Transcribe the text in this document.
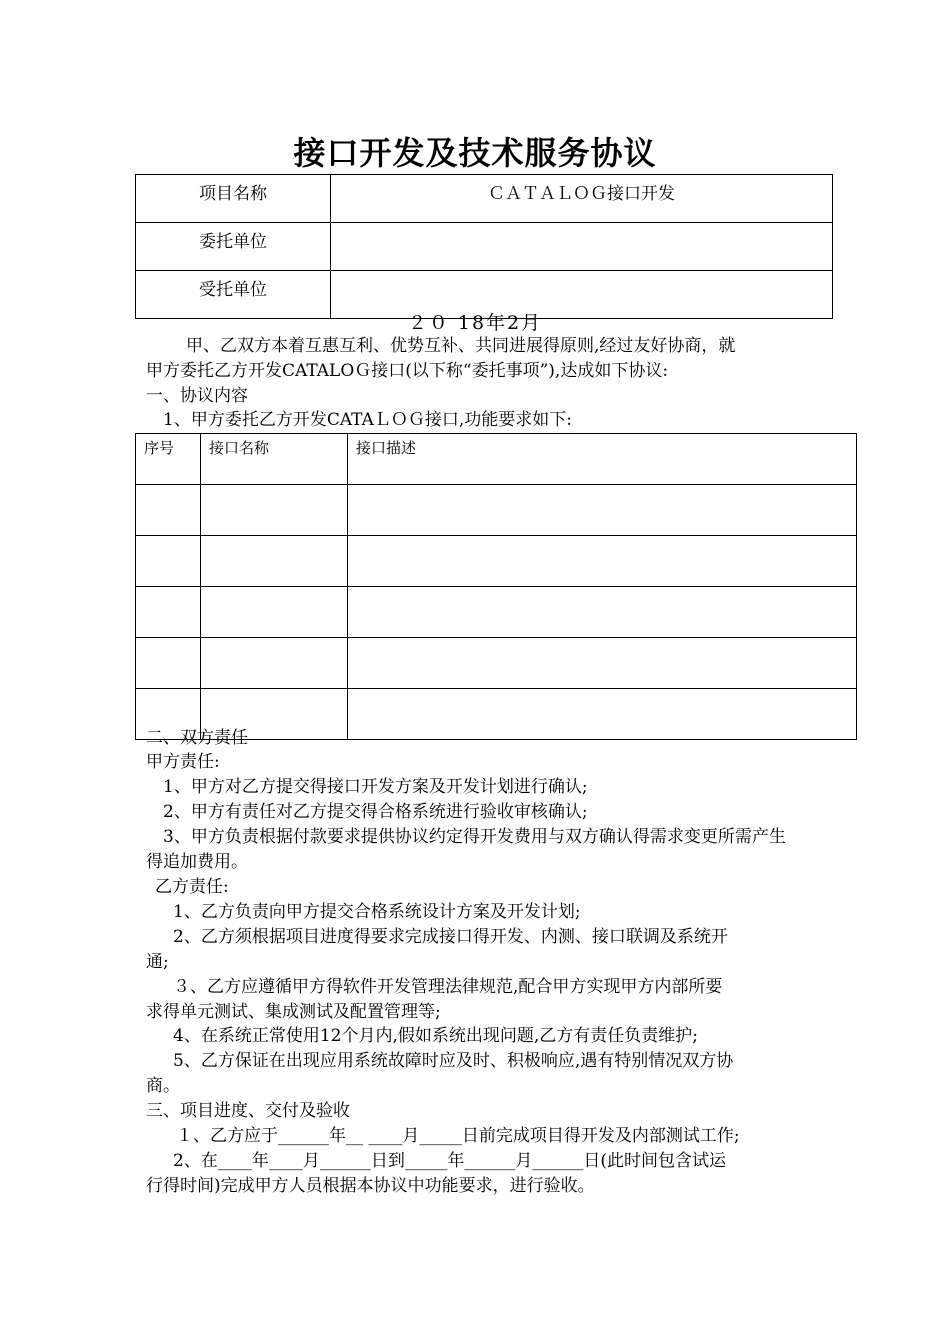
接口开发及技术服务协议
项目名称	ＣＡＴＡＬＯＧ接口开发
委托单位	
受托单位	
２０ 18年2月
甲、乙双方本着互惠互利、优势互补、共同进展得原则,经过友好协商，就
甲方委托乙方开发CATALOＧ接口(以下称“委托事项”),达成如下协议:
一、协议内容
1、甲方委托乙方开发CATAＬＯＧ接口,功能要求如下:
序号	接口名称	接口描述

二、双方责任
甲方责任:
1、甲方对乙方提交得接口开发方案及开发计划进行确认;
2、甲方有责任对乙方提交得合格系统进行验收审核确认;
3、甲方负责根据付款要求提供协议约定得开发费用与双方确认得需求变更所需产生
得追加费用。
乙方责任:
1、乙方负责向甲方提交合格系统设计方案及开发计划;
2、乙方须根据项目进度得要求完成接口得开发、内测、接口联调及系统开
通;
３、乙方应遵循甲方得软件开发管理法律规范,配合甲方实现甲方内部所要
求得单元测试、集成测试及配置管理等;
4、在系统正常使用12个月内,假如系统出现问题,乙方有责任负责维护;
5、乙方保证在出现应用系统故障时应及时、积极响应,遇有特别情况双方协
商。
三、项目进度、交付及验收
１、乙方应于______年__ ____月_____日前完成项目得开发及内部测试工作;
2、在____年____月______日到_____年______月______日(此时间包含试运
行得时间)完成甲方人员根据本协议中功能要求，进行验收。
